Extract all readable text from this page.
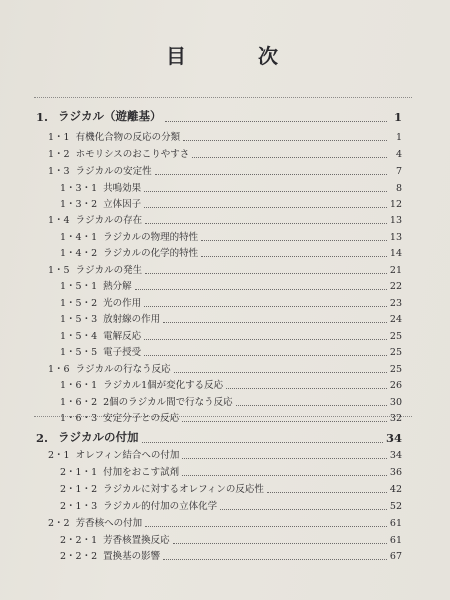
目　次
1. ラジカル（遊離基）	1
1・1 有機化合物の反応の分類	1
1・2 ホモリシスのおこりやすさ	4
1・3 ラジカルの安定性	7
1・3・1 共鳴効果	8
1・3・2 立体因子	12
1・4 ラジカルの存在	13
1・4・1 ラジカルの物理的特性	13
1・4・2 ラジカルの化学的特性	14
1・5 ラジカルの発生	21
1・5・1 熱分解	22
1・5・2 光の作用	23
1・5・3 放射線の作用	24
1・5・4 電解反応	25
1・5・5 電子授受	25
1・6 ラジカルの行なう反応	25
1・6・1 ラジカル1個が変化する反応	26
1・6・2 2個のラジカル間で行なう反応	30
1・6・3 安定分子との反応	32
2. ラジカルの付加	34
2・1 オレフィン結合への付加	34
2・1・1 付加をおこす試剤	36
2・1・2 ラジカルに対するオレフィンの反応性	42
2・1・3 ラジカル的付加の立体化学	52
2・2 芳香核への付加	61
2・2・1 芳香核置換反応	61
2・2・2 置換基の影響	67
